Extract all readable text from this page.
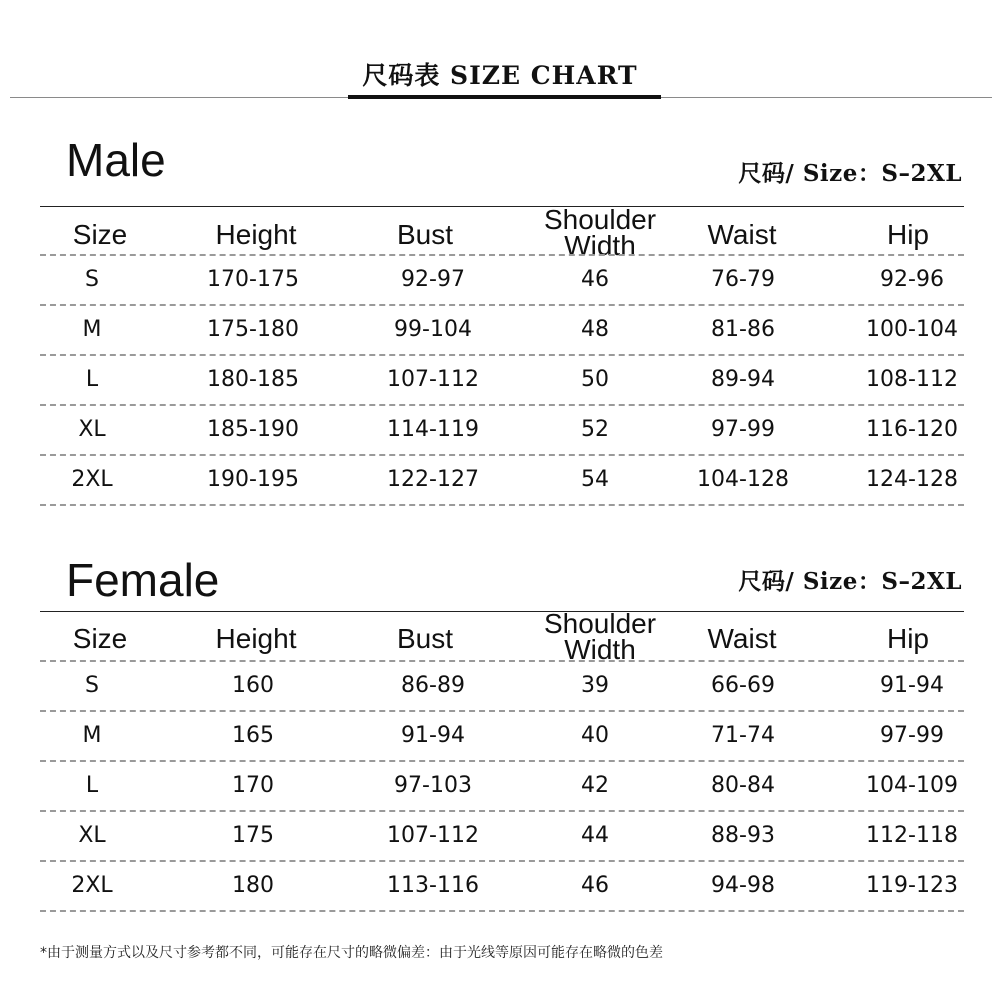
尺码表 SIZE CHART
Male	尺码/ Size：S–2XL
Size	Height	Bust	Shoulder Width	Waist	Hip
S	170-175	92-97	46	76-79	92-96
M	175-180	99-104	48	81-86	100-104
L	180-185	107-112	50	89-94	108-112
XL	185-190	114-119	52	97-99	116-120
2XL	190-195	122-127	54	104-128	124-128
Female	尺码/ Size：S–2XL
Size	Height	Bust	Shoulder Width	Waist	Hip
S	160	86-89	39	66-69	91-94
M	165	91-94	40	71-74	97-99
L	170	97-103	42	80-84	104-109
XL	175	107-112	44	88-93	112-118
2XL	180	113-116	46	94-98	119-123
*由于测量方式以及尺寸参考都不同，可能存在尺寸的略微偏差：由于光线等原因可能存在略微的色差
